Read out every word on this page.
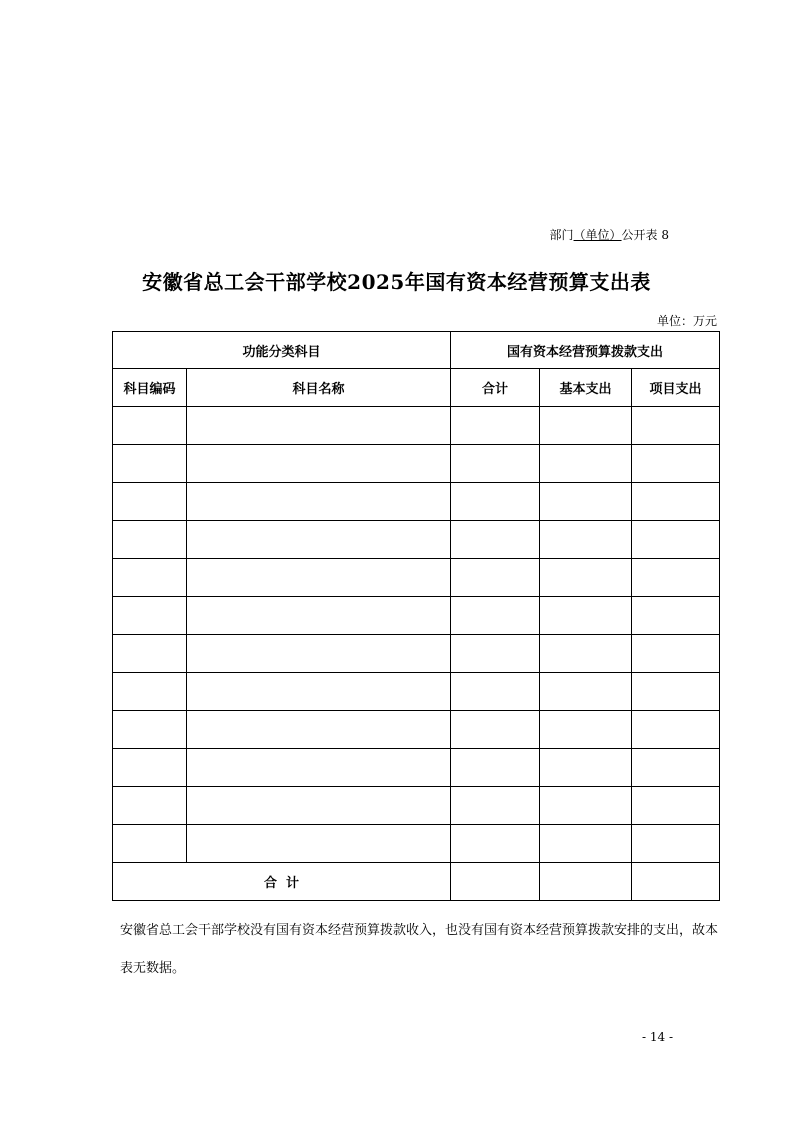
部门（单位）公开表 8
安徽省总工会干部学校2025年国有资本经营预算支出表
单位：万元
功能分类科目		国有资本经营预算拨款支出		
科目编码	科目名称	合计	基本支出	项目支出

合  计				

安徽省总工会干部学校没有国有资本经营预算拨款收入，也没有国有资本经营预算拨款安排的支出，故本表无数据。

- 14 -
